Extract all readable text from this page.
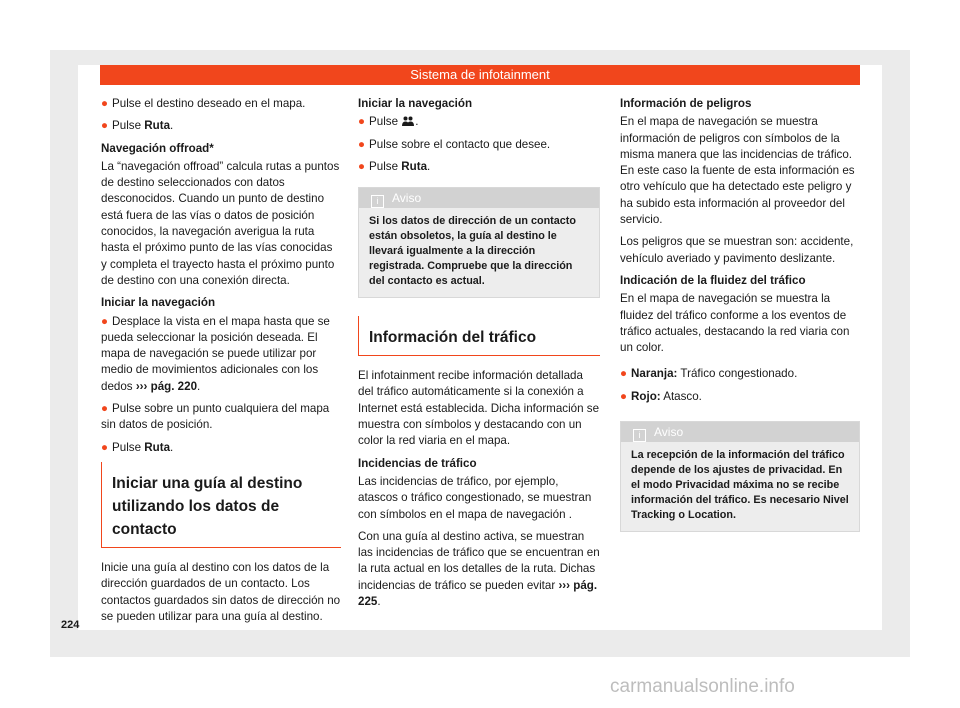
Sistema de infotainment

● Pulse el destino deseado en el mapa.

● Pulse Ruta.

Navegación offroad*

La “navegación offroad” calcula rutas a puntos de destino seleccionados con datos desconocidos. Cuando un punto de destino está fuera de las vías o datos de posición conocidos, la navegación averigua la ruta hasta el próximo punto de las vías conocidas y completa el trayecto hasta el próximo punto de destino con una conexión directa.

Iniciar la navegación

● Desplace la vista en el mapa hasta que se pueda seleccionar la posición deseada. El mapa de navegación se puede utilizar por medio de movimientos adicionales con los dedos ››› pág. 220.

● Pulse sobre un punto cualquiera del mapa sin datos de posición.

● Pulse Ruta.

Iniciar una guía al destino utilizando los datos de contacto

Inicie una guía al destino con los datos de la dirección guardados de un contacto. Los contactos guardados sin datos de dirección no se pueden utilizar para una guía al destino.

Iniciar la navegación

● Pulse .

● Pulse sobre el contacto que desee.

● Pulse Ruta.

i Aviso
Si los datos de dirección de un contacto están obsoletos, la guía al destino le llevará igualmente a la dirección registrada. Compruebe que la dirección del contacto es actual.
Información del tráfico

El infotainment recibe información detallada del tráfico automáticamente si la conexión a Internet está establecida. Dicha información se muestra con símbolos y destacando con un color la red viaria en el mapa.

Incidencias de tráfico

Las incidencias de tráfico, por ejemplo, atascos o tráfico congestionado, se muestran con símbolos en el mapa de navegación .

Con una guía al destino activa, se muestran las incidencias de tráfico que se encuentran en la ruta actual en los detalles de la ruta. Dichas incidencias de tráfico se pueden evitar ››› pág. 225.

Información de peligros

En el mapa de navegación se muestra información de peligros con símbolos de la misma manera que las incidencias de tráfico. En este caso la fuente de esta información es otro vehículo que ha detectado este peligro y ha subido esta información al proveedor del servicio.

Los peligros que se muestran son: accidente, vehículo averiado y pavimento deslizante.

Indicación de la fluidez del tráfico

En el mapa de navegación se muestra la fluidez del tráfico conforme a los eventos de tráfico actuales, destacando la red viaria con un color.

● Naranja: Tráfico congestionado.

● Rojo: Atasco.

i Aviso
La recepción de la información del tráfico depende de los ajustes de privacidad. En el modo Privacidad máxima no se recibe información del tráfico. Es necesario Nivel Tracking o Location.
224
carmanualsonline.info
